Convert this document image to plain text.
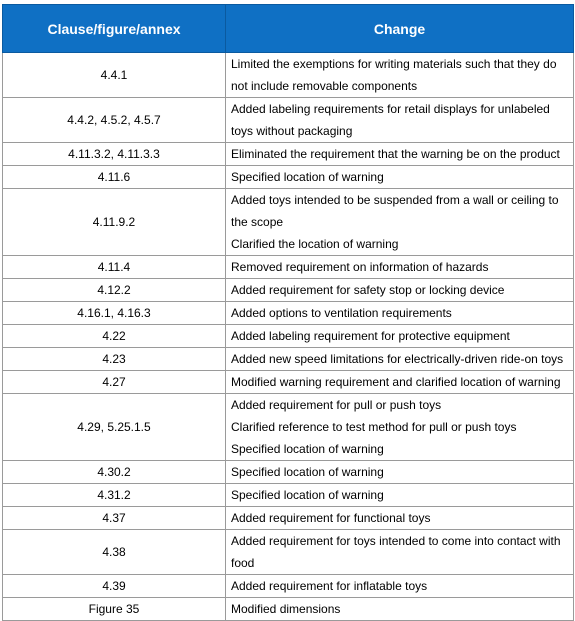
Clause/figure/annex	Change
4.4.1	Limited the exemptions for writing materials such that they do not include removable components

4.4.2, 4.5.2, 4.5.7	Added labeling requirements for retail displays for unlabeled toys without packaging

4.11.3.2, 4.11.3.3	Eliminated the requirement that the warning be on the product

4.11.6	Specified location of warning

4.11.9.2	Added toys intended to be suspended from a wall or ceiling to the scope
Clarified the location of warning

4.11.4	Removed requirement on information of hazards

4.12.2	Added requirement for safety stop or locking device

4.16.1, 4.16.3	Added options to ventilation requirements

4.22	Added labeling requirement for protective equipment

4.23	Added new speed limitations for electrically-driven ride-on toys

4.27	Modified warning requirement and clarified location of warning

4.29, 5.25.1.5	Added requirement for pull or push toys
Clarified reference to test method for pull or push toys
Specified location of warning

4.30.2	Specified location of warning

4.31.2	Specified location of warning

4.37	Added requirement for functional toys

4.38	Added requirement for toys intended to come into contact with food

4.39	Added requirement for inflatable toys

Figure 35	Modified dimensions
